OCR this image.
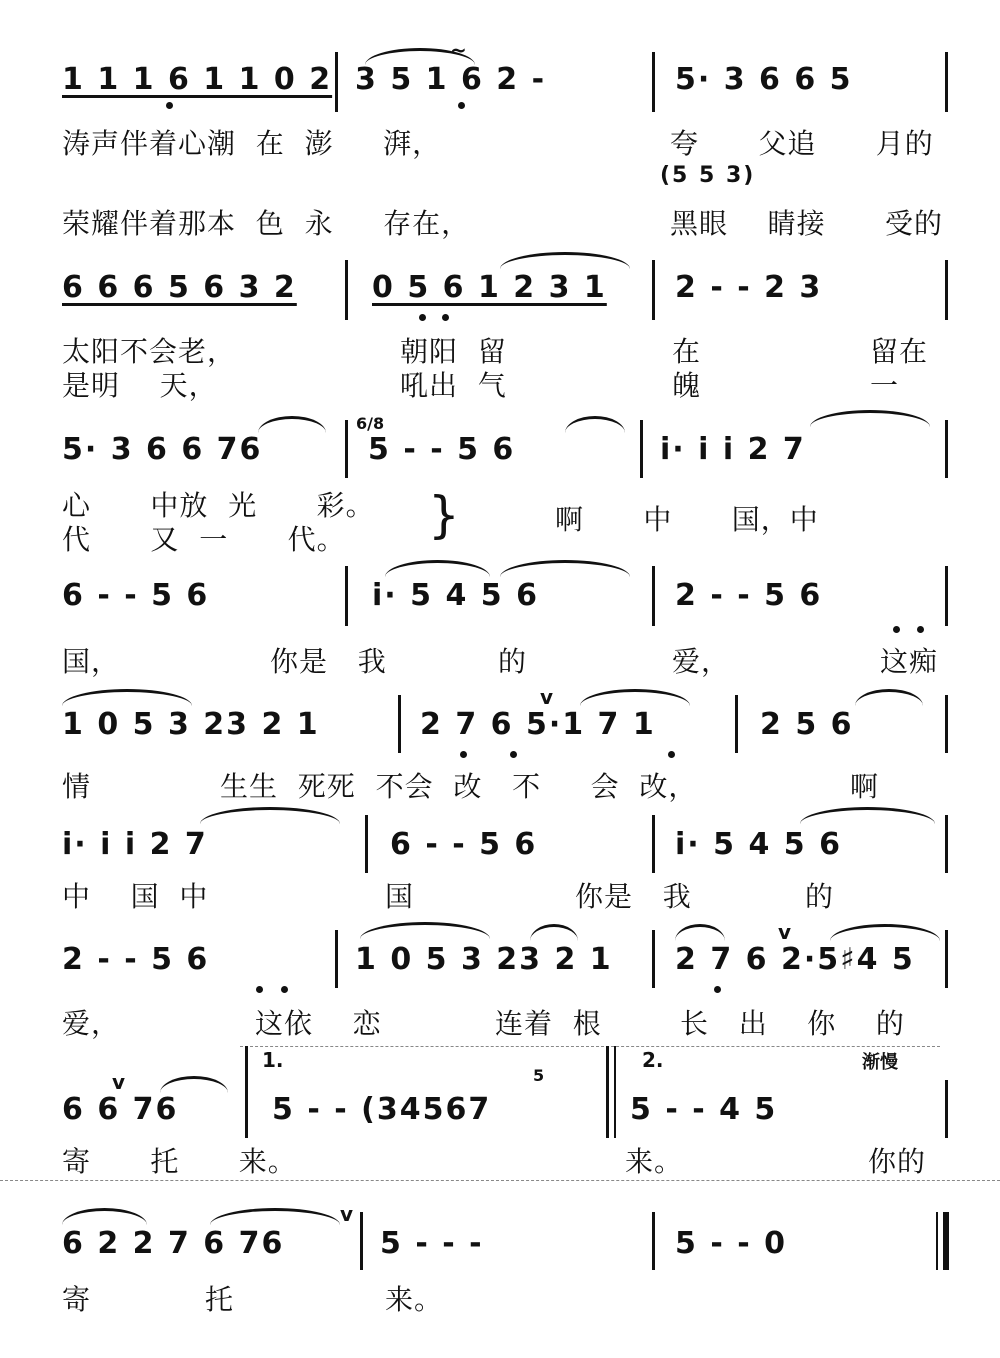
~
1 1 1 6 1 1 0 2 3 5 1 6 2 -	5· 3 6 6 5
涛声伴着心潮  在  澎     湃，	夸      父追      月的
(5 5 3)
荣耀伴着那本  色  永     存在，	黑眼    睛接      受的
6 6 6 5 6 3 2	0 5 6 1 2 3 1 2 - - 2 3
太阳不会老，	朝阳  留	在	留在
是明    天，	吼出  气	魄	一
5· 3 6 6 76
6/8
5 - - 5 6	i· i i 2 7
心      中放  光      彩。	啊      中      国，中
代      又  一      代。 }
6 - - 5 6	i· 5 4 5 6	2 - - 5 6
国，	你是   我	的	爱，	这痴
1 0 5 3 23 2 1	2 7 6 5·1 7 1
v
2 5 6
情	生生  死死  不会  改   不     会  改，	啊
i· i i 2 7	6 - - 5 6	i· 5 4 5 6
中    国  中	国	你是   我	的
2 - - 5 6	1 0 5 3 23 2 1 2 7 6 2·5♯4 5
v
爱，	这依    恋	连着  根	长   出    你    的
1.	2.	渐慢
5
v
6 6 76	5 - - (34567	5 - - 4 5
寄      托      来。	来。	你的
v
6 2 2 7 6 76	5 - - -	5 - - 0
寄	托	来。
